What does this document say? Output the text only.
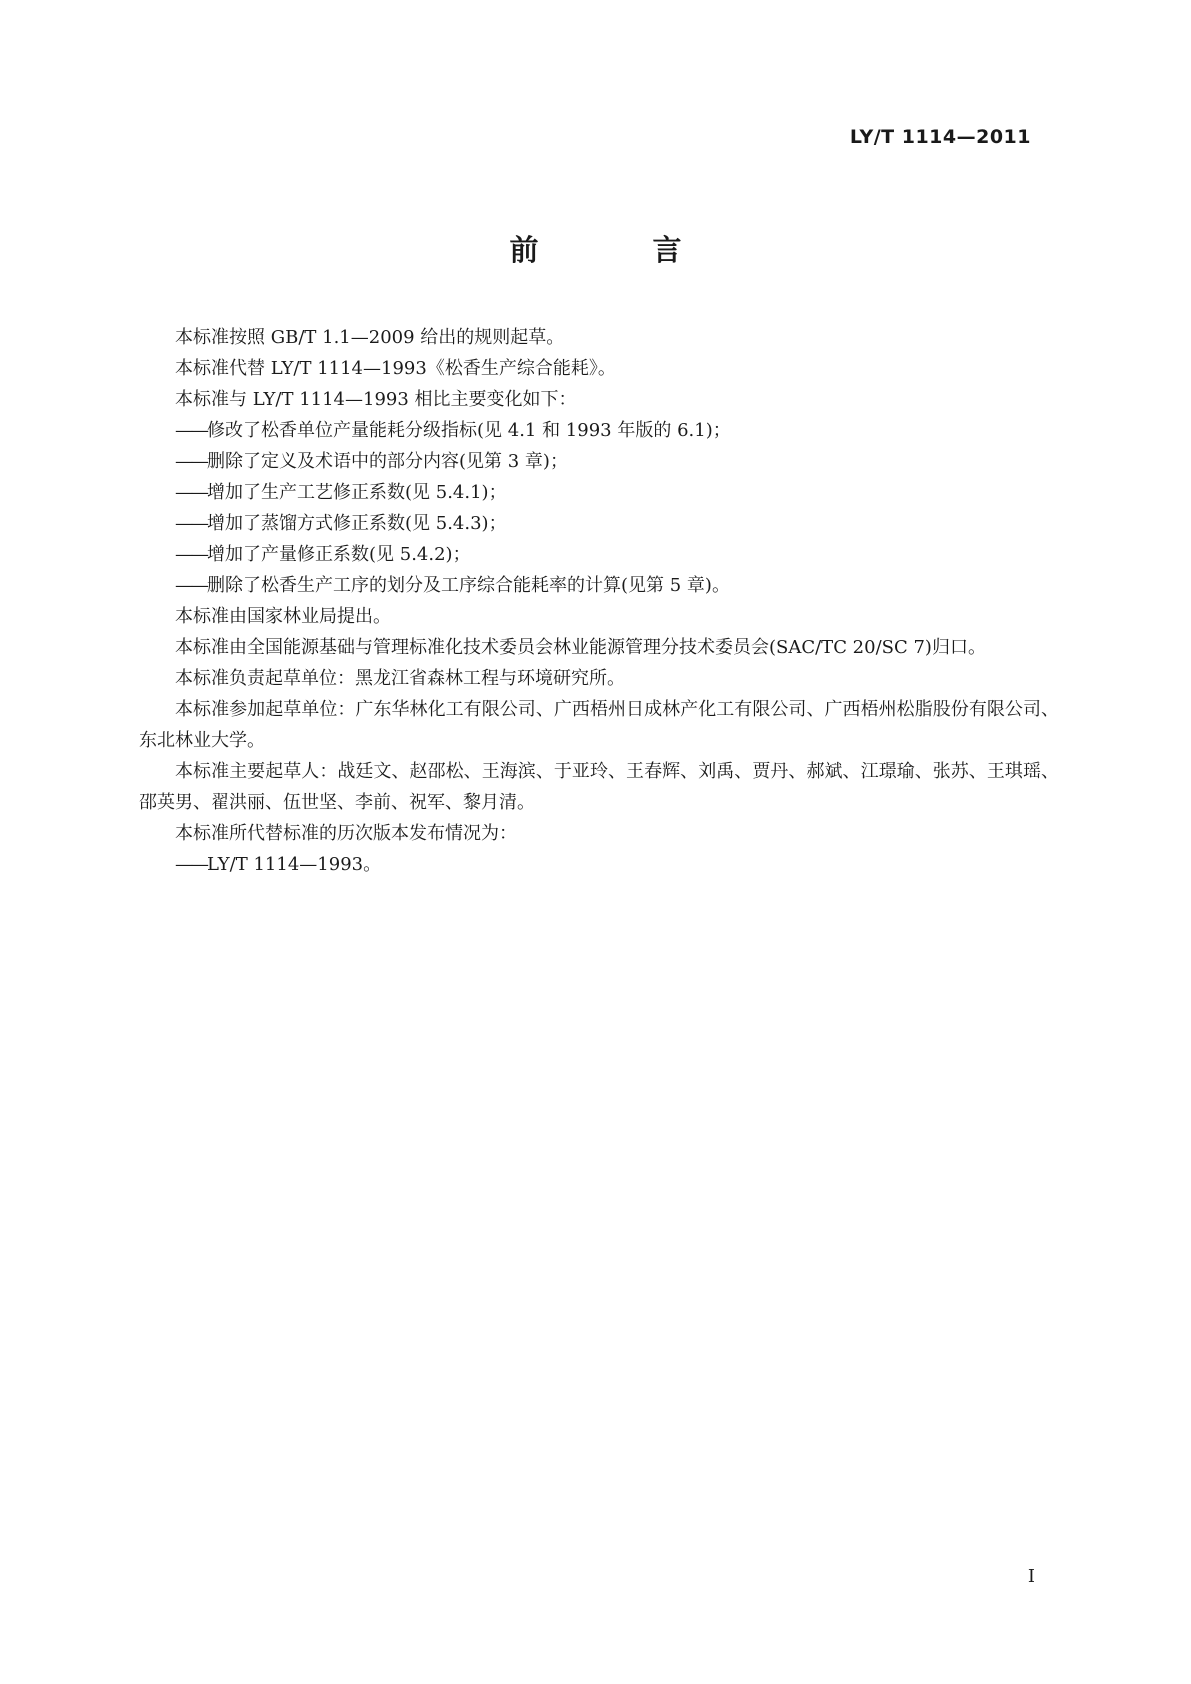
LY/T 1114—2011
前 言

本标准按照 GB/T 1.1—2009 给出的规则起草。

本标准代替 LY/T 1114—1993《松香生产综合能耗》。

本标准与 LY/T 1114—1993 相比主要变化如下：

——修改了松香单位产量能耗分级指标(见 4.1 和 1993 年版的 6.1)；

——删除了定义及术语中的部分内容(见第 3 章)；

——增加了生产工艺修正系数(见 5.4.1)；

——增加了蒸馏方式修正系数(见 5.4.3)；

——增加了产量修正系数(见 5.4.2)；

——删除了松香生产工序的划分及工序综合能耗率的计算(见第 5 章)。

本标准由国家林业局提出。

本标准由全国能源基础与管理标准化技术委员会林业能源管理分技术委员会(SAC/TC 20/SC 7)归口。

本标准负责起草单位：黑龙江省森林工程与环境研究所。

本标准参加起草单位：广东华林化工有限公司、广西梧州日成林产化工有限公司、广西梧州松脂股份有限公司、东北林业大学。

本标准主要起草人：战廷文、赵邵松、王海滨、于亚玲、王春辉、刘禹、贾丹、郝斌、江璟瑜、张苏、王琪瑶、邵英男、翟洪丽、伍世坚、李前、祝军、黎月清。

本标准所代替标准的历次版本发布情况为：

——LY/T 1114—1993。

I
